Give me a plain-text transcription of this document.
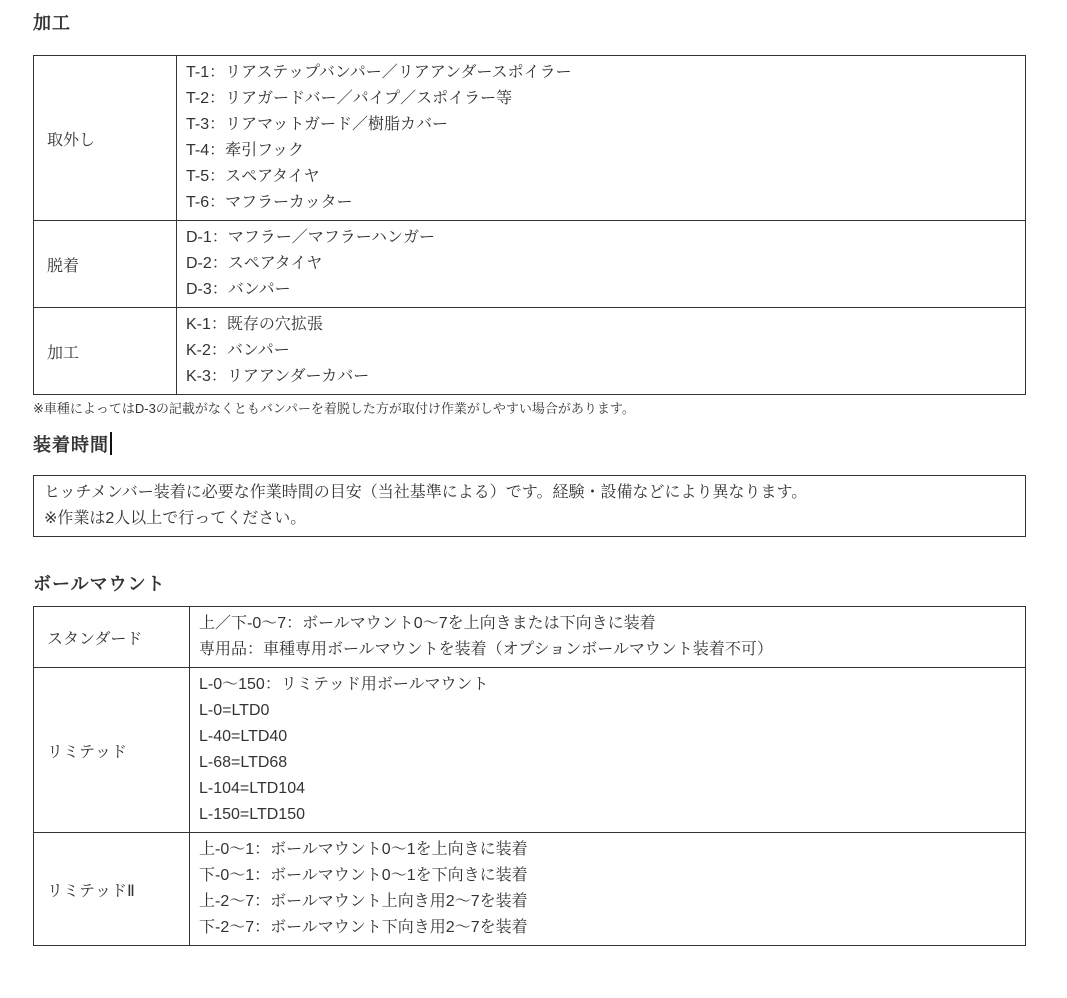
加工
取外し	
T-1：リアステップバンパー／リアアンダースポイラー
T-2：リアガードバー／パイプ／スポイラー等
T-3：リアマットガード／樹脂カバー
T-4：牽引フック
T-5：スペアタイヤ
T-6：マフラーカッター

脱着	D-1：マフラー／マフラーハンガー
D-2：スペアタイヤ
D-3：バンパー

加工	K-1：既存の穴拡張
K-2：バンパー
K-3：リアアンダーカバー

※車種によってはD-3の記載がなくともバンパーを着脱した方が取付け作業がしやすい場合があります。

装着時間
ヒッチメンバー装着に必要な作業時間の目安（当社基準による）です。経験・設備などにより異なります。
※作業は2人以上で行ってください。
ボールマウント
スタンダード	上／下-0～7：ボールマウント0～7を上向きまたは下向きに装着
専用品：車種専用ボールマウントを装着（オプションボールマウント装着不可）

リミテッド	
L-0～150：リミテッド用ボールマウント
L-0=LTD0
L-40=LTD40
L-68=LTD68
L-104=LTD104
L-150=LTD150

リミテッドⅡ	上-0～1：ボールマウント0～1を上向きに装着
下-0～1：ボールマウント0～1を下向きに装着
上-2～7：ボールマウント上向き用2～7を装着
下-2～7：ボールマウント下向き用2～7を装着
